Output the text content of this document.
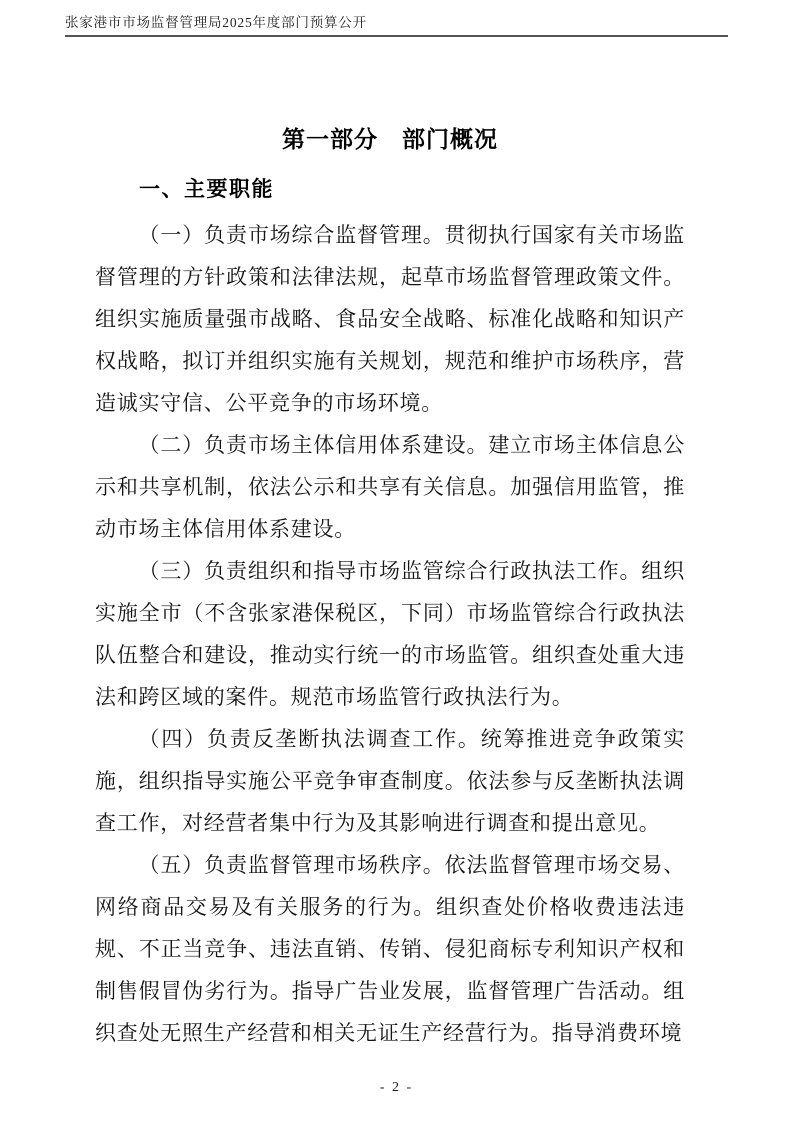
张家港市市场监督管理局2025年度部门预算公开
第一部分　部门概况
一、主要职能

（一）负责市场综合监督管理。贯彻执行国家有关市场监督管理的方针政策和法律法规，起草市场监督管理政策文件。组织实施质量强市战略、食品安全战略、标准化战略和知识产权战略，拟订并组织实施有关规划，规范和维护市场秩序，营造诚实守信、公平竞争的市场环境。

（二）负责市场主体信用体系建设。建立市场主体信息公示和共享机制，依法公示和共享有关信息。加强信用监管，推动市场主体信用体系建设。

（三）负责组织和指导市场监管综合行政执法工作。组织实施全市（不含张家港保税区，下同）市场监管综合行政执法队伍整合和建设，推动实行统一的市场监管。组织查处重大违法和跨区域的案件。规范市场监管行政执法行为。

（四）负责反垄断执法调查工作。统筹推进竞争政策实施，组织指导实施公平竞争审查制度。依法参与反垄断执法调查工作，对经营者集中行为及其影响进行调查和提出意见。

（五）负责监督管理市场秩序。依法监督管理市场交易、网络商品交易及有关服务的行为。组织查处价格收费违法违规、不正当竞争、违法直销、传销、侵犯商标专利知识产权和制售假冒伪劣行为。指导广告业发展，监督管理广告活动。组织查处无照生产经营和相关无证生产经营行为。指导消费环境

- 2 -
